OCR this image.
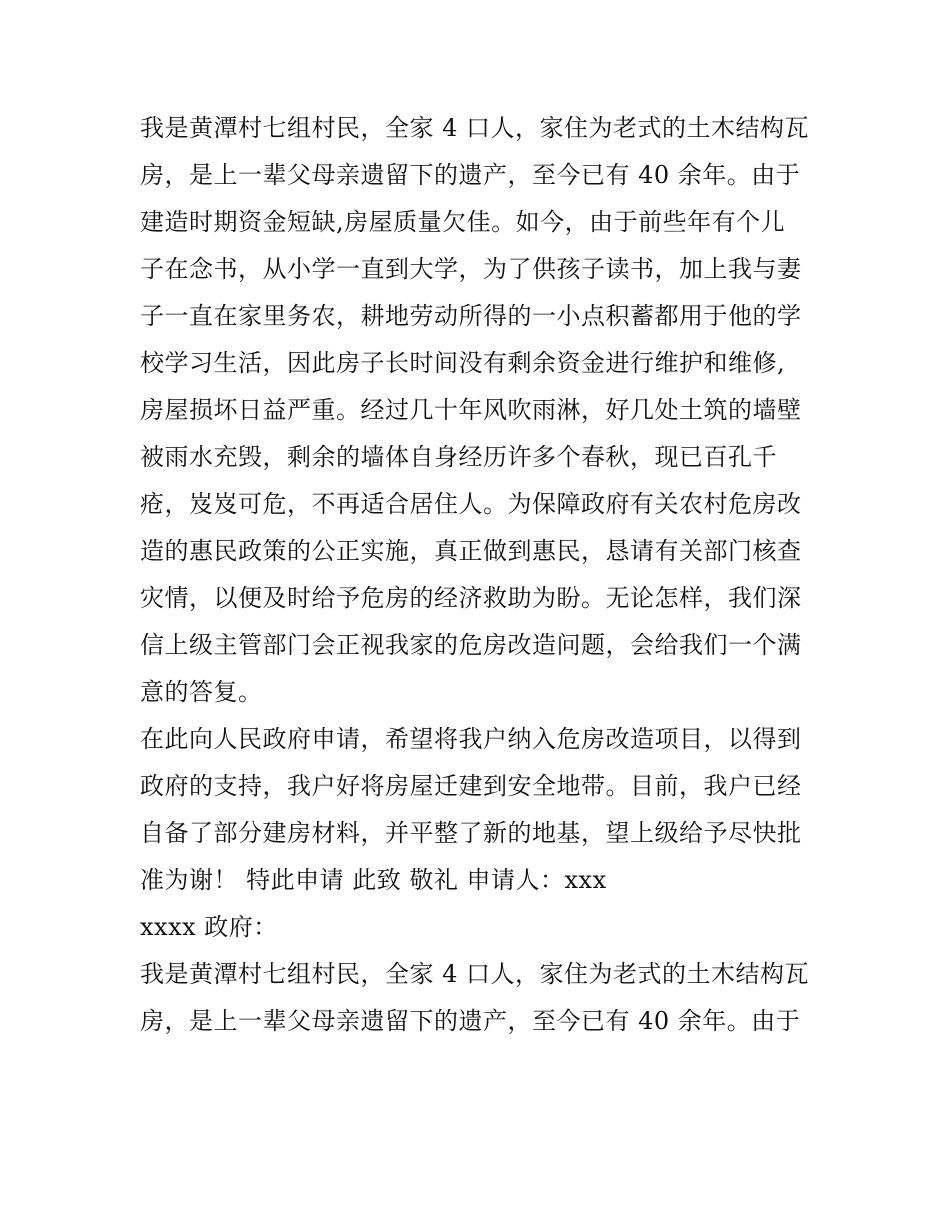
我是黄潭村七组村民，全家 4 口人，家住为老式的土木结构瓦
房，是上一辈父母亲遗留下的遗产，至今已有 40 余年。由于
建造时期资金短缺,房屋质量欠佳。如今，由于前些年有个儿
子在念书，从小学一直到大学，为了供孩子读书，加上我与妻
子一直在家里务农，耕地劳动所得的一小点积蓄都用于他的学
校学习生活，因此房子长时间没有剩余资金进行维护和维修,
房屋损坏日益严重。经过几十年风吹雨淋，好几处土筑的墙壁
被雨水充毁，剩余的墙体自身经历许多个春秋，现已百孔千
疮，岌岌可危，不再适合居住人。为保障政府有关农村危房改
造的惠民政策的公正实施，真正做到惠民，恳请有关部门核查
灾情，以便及时给予危房的经济救助为盼。无论怎样，我们深
信上级主管部门会正视我家的危房改造问题，会给我们一个满
意的答复。
在此向人民政府申请，希望将我户纳入危房改造项目，以得到
政府的支持，我户好将房屋迁建到安全地带。目前，我户已经
自备了部分建房材料，并平整了新的地基，望上级给予尽快批
准为谢！ 特此申请 此致 敬礼 申请人：xxx
xxxx 政府：
我是黄潭村七组村民，全家 4 口人，家住为老式的土木结构瓦
房，是上一辈父母亲遗留下的遗产，至今已有 40 余年。由于
